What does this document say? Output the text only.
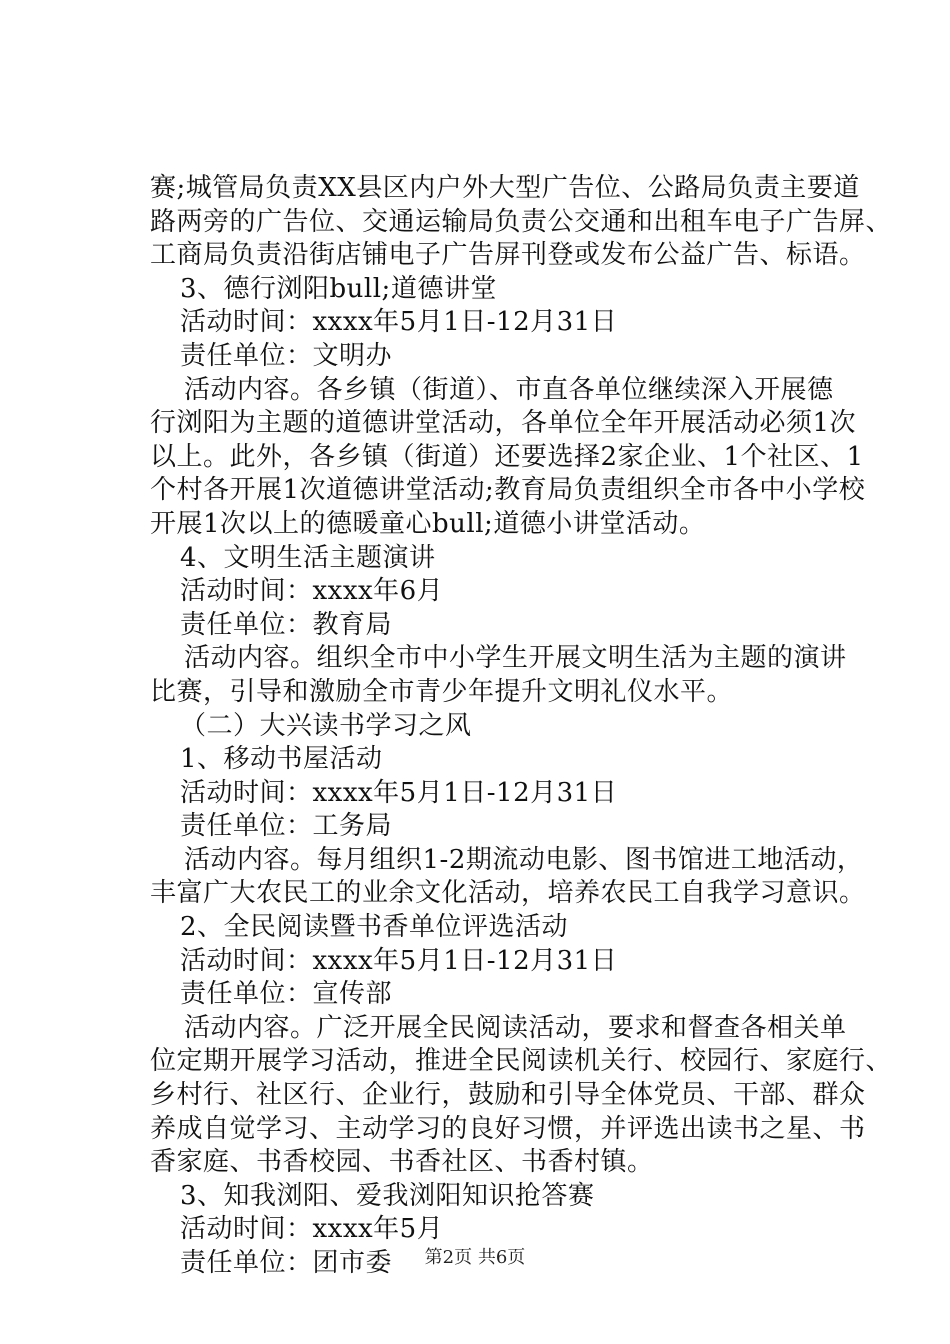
赛;城管局负责XX县区内户外大型广告位、公路局负责主要道
路两旁的广告位、交通运输局负责公交通和出租车电子广告屏、
工商局负责沿街店铺电子广告屏刊登或发布公益广告、标语。
3、德行浏阳bull;道德讲堂
活动时间：xxxx年5月1日-12月31日
责任单位：文明办
活动内容。各乡镇（街道）、市直各单位继续深入开展德
行浏阳为主题的道德讲堂活动，各单位全年开展活动必须1次
以上。此外，各乡镇（街道）还要选择2家企业、1个社区、1
个村各开展1次道德讲堂活动;教育局负责组织全市各中小学校
开展1次以上的德暖童心bull;道德小讲堂活动。
4、文明生活主题演讲
活动时间：xxxx年6月
责任单位：教育局
活动内容。组织全市中小学生开展文明生活为主题的演讲
比赛，引导和激励全市青少年提升文明礼仪水平。
（二）大兴读书学习之风
1、移动书屋活动
活动时间：xxxx年5月1日-12月31日
责任单位：工务局
活动内容。每月组织1-2期流动电影、图书馆进工地活动，
丰富广大农民工的业余文化活动，培养农民工自我学习意识。
2、全民阅读暨书香单位评选活动
活动时间：xxxx年5月1日-12月31日
责任单位：宣传部
活动内容。广泛开展全民阅读活动，要求和督查各相关单
位定期开展学习活动，推进全民阅读机关行、校园行、家庭行、
乡村行、社区行、企业行，鼓励和引导全体党员、干部、群众
养成自觉学习、主动学习的良好习惯，并评选出读书之星、书
香家庭、书香校园、书香社区、书香村镇。
3、知我浏阳、爱我浏阳知识抢答赛
活动时间：xxxx年5月
责任单位：团市委	第2页 共6页
